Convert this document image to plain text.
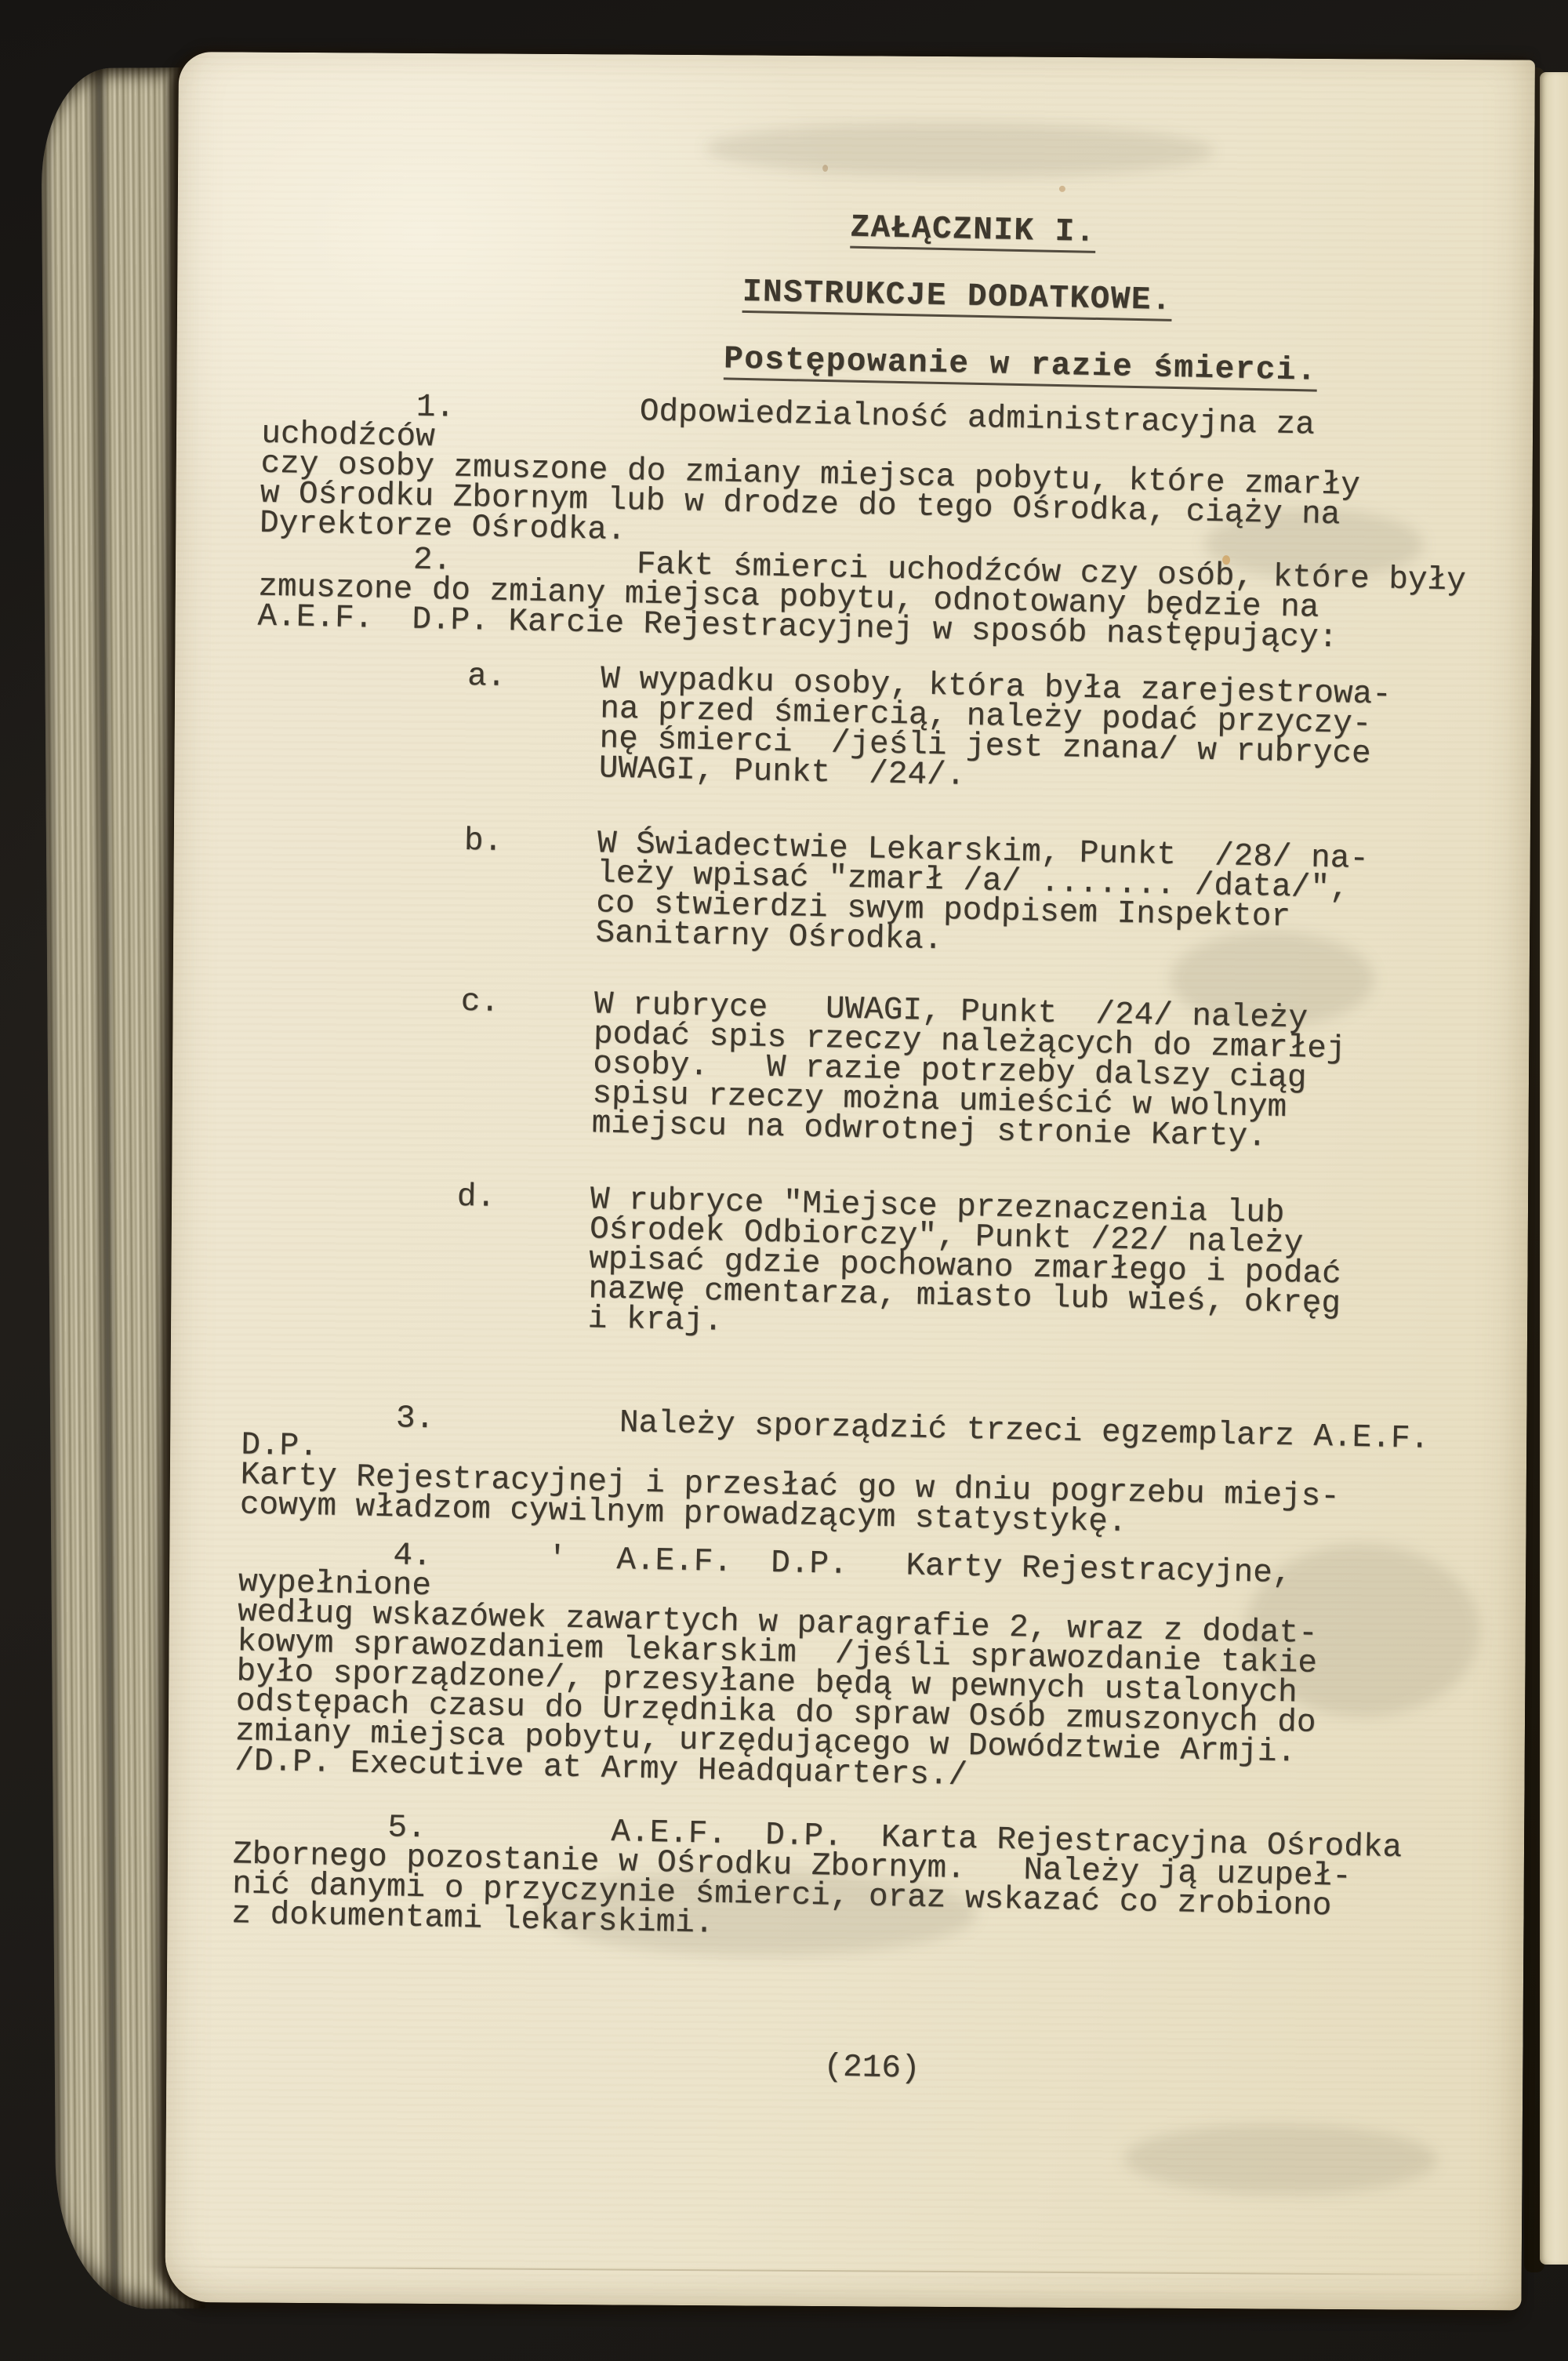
ZAŁĄCZNIK I.

INSTRUKCJE DODATKOWE.

Postępowanie w razie śmierci.

1.	Odpowiedzialność administracyjna za uchodźców
czy osoby zmuszone do zmiany miejsca pobytu, które zmarły
w Ośrodku Zbornym lub w drodze do tego Ośrodka, ciąży na
Dyrektorze Ośrodka.

2.	Fakt śmierci uchodźców czy osób, które były
zmuszone do zmiany miejsca pobytu, odnotowany będzie na
A.E.F.  D.P. Karcie Rejestracyjnej w sposób następujący:

a.	W wypadku osoby, która była zarejestrowa-
na przed śmiercią, należy podać przyczy-
nę śmierci  /jeśli jest znana/ w rubryce
UWAGI, Punkt  /24/.
b.	W Świadectwie Lekarskim, Punkt  /28/ na-
leży wpisać "zmarł /a/ ....... /data/",
co stwierdzi swym podpisem Inspektor
Sanitarny Ośrodka.
c.	W rubryce   UWAGI, Punkt  /24/ należy
podać spis rzeczy należących do zmarłej
osoby.   W razie potrzeby dalszy ciąg
spisu rzeczy można umieścić w wolnym
miejscu na odwrotnej stronie Karty.
d.	W rubryce "Miejsce przeznaczenia lub
Ośrodek Odbiorczy", Punkt /22/ należy
wpisać gdzie pochowano zmarłego i podać
nazwę cmentarza, miasto lub wieś, okręg
i kraj.

3.	Należy sporządzić trzeci egzemplarz A.E.F.  D.P.
Karty Rejestracyjnej i przesłać go w dniu pogrzebu miejs-
cowym władzom cywilnym prowadzącym statystykę.

4.      ' A.E.F.  D.P.   Karty Rejestracyjne, wypełnione
według wskazówek zawartych w paragrafie 2, wraz z dodat-
kowym sprawozdaniem lekarskim  /jeśli sprawozdanie takie
było sporządzone/, przesyłane będą w pewnych ustalonych
odstępach czasu do Urzędnika do spraw Osób zmuszonych do
zmiany miejsca pobytu, urzędującego w Dowództwie Armji.
/D.P. Executive at Army Headquarters./

5.	A.E.F.  D.P.  Karta Rejestracyjna Ośrodka
Zbornego pozostanie w Ośrodku Zbornym.   Należy ją uzupeł-
nić danymi o przyczynie śmierci, oraz wskazać co zrobiono
z dokumentami lekarskimi.

(216)
